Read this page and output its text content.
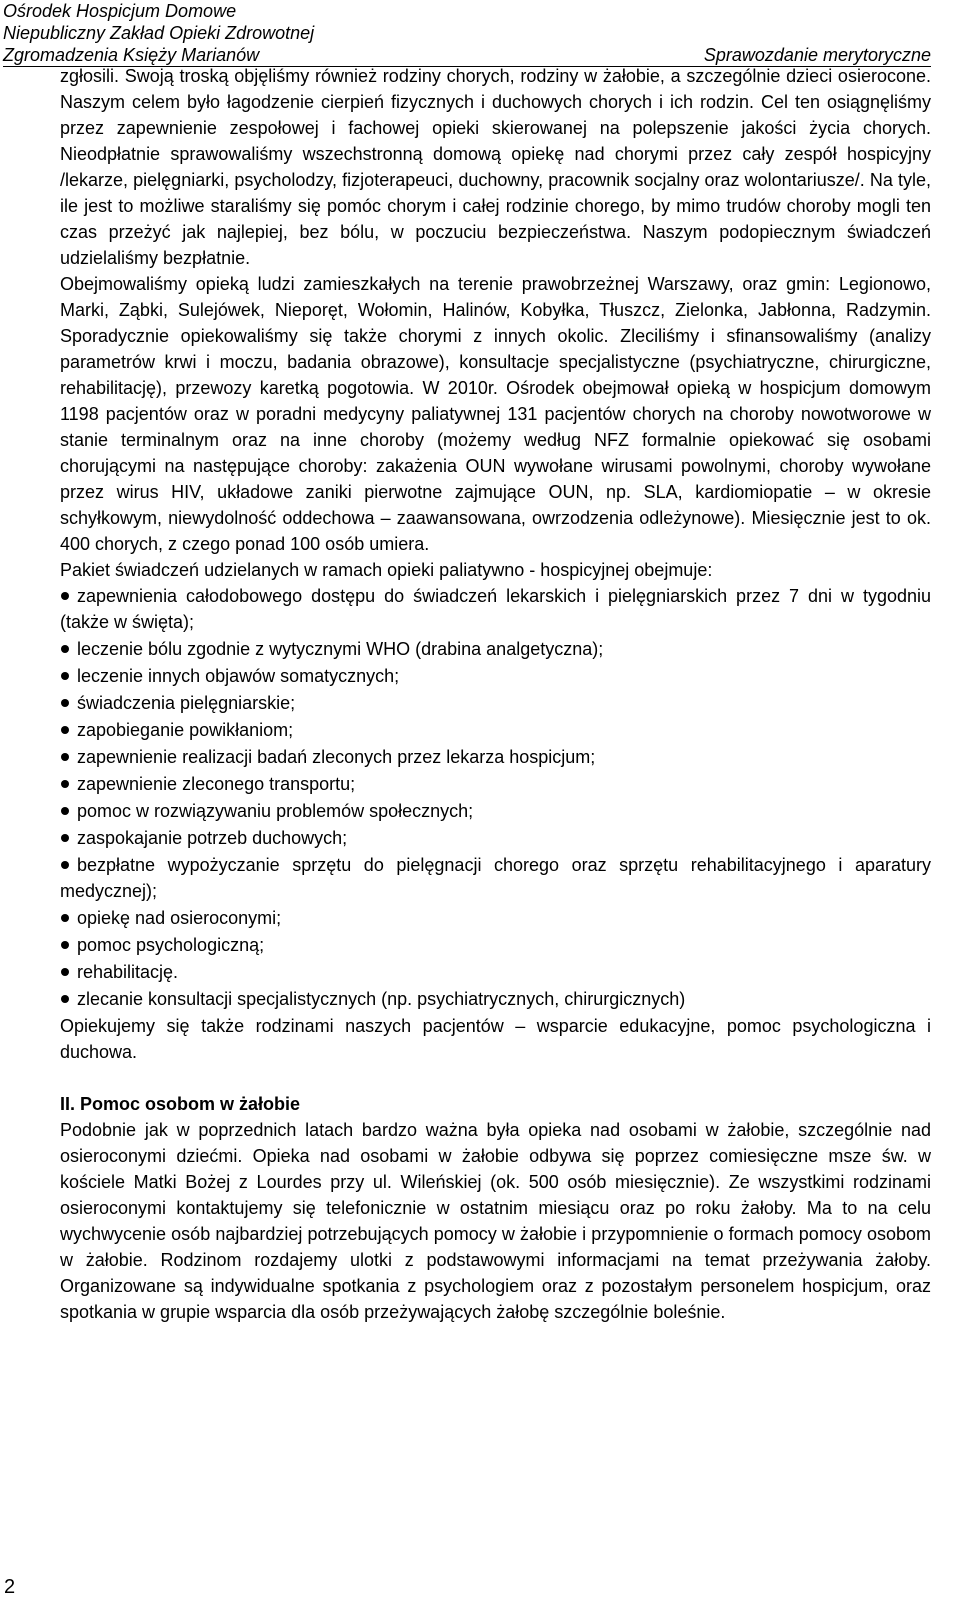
Ośrodek Hospicjum Domowe
Niepubliczny Zakład Opieki Zdrowotnej
Zgromadzenia Księży Marianów	Sprawozdanie merytoryczne

zgłosili. Swoją troską objęliśmy również rodziny chorych, rodziny w żałobie, a szczególnie dzieci osierocone. Naszym celem było łagodzenie cierpień fizycznych i duchowych chorych i ich rodzin. Cel ten osiągnęliśmy przez zapewnienie zespołowej i fachowej opieki skierowanej na polepszenie jakości życia chorych. Nieodpłatnie sprawowaliśmy wszechstronną domową opiekę nad chorymi przez cały zespół hospicyjny /lekarze, pielęgniarki, psycholodzy, fizjoterapeuci, duchowny, pracownik socjalny oraz wolontariusze/. Na tyle, ile jest to możliwe staraliśmy się pomóc chorym i całej rodzinie chorego, by mimo trudów choroby mogli ten czas przeżyć jak najlepiej, bez bólu, w poczuciu bezpieczeństwa. Naszym podopiecznym świadczeń udzielaliśmy bezpłatnie.

Obejmowaliśmy opieką ludzi zamieszkałych na terenie prawobrzeżnej Warszawy, oraz gmin: Legionowo, Marki, Ząbki, Sulejówek, Nieporęt, Wołomin, Halinów, Kobyłka, Tłuszcz, Zielonka, Jabłonna, Radzymin. Sporadycznie opiekowaliśmy się także chorymi z innych okolic. Zleciliśmy i sfinansowaliśmy (analizy parametrów krwi i moczu, badania obrazowe), konsultacje specjalistyczne (psychiatryczne, chirurgiczne, rehabilitację), przewozy karetką pogotowia. W 2010r. Ośrodek obejmował opieką w hospicjum domowym 1198 pacjentów oraz w poradni medycyny paliatywnej 131 pacjentów chorych na choroby nowotworowe w stanie terminalnym oraz na inne choroby (możemy według NFZ formalnie opiekować się osobami chorującymi na następujące choroby: zakażenia OUN wywołane wirusami powolnymi, choroby wywołane przez wirus HIV, układowe zaniki pierwotne zajmujące OUN, np. SLA, kardiomiopatie – w okresie schyłkowym, niewydolność oddechowa – zaawansowana, owrzodzenia odleżynowe). Miesięcznie jest to ok. 400 chorych, z czego ponad 100 osób umiera.

Pakiet świadczeń udzielanych w ramach opieki paliatywno - hospicyjnej obejmuje:

zapewnienia całodobowego dostępu do świadczeń lekarskich i pielęgniarskich przez 7 dni w tygodniu (także w święta);
leczenie bólu zgodnie z wytycznymi WHO (drabina analgetyczna);
leczenie innych objawów somatycznych;
świadczenia pielęgniarskie;
zapobieganie powikłaniom;
zapewnienie realizacji badań zleconych przez lekarza hospicjum;
zapewnienie zleconego transportu;
pomoc w rozwiązywaniu problemów społecznych;
zaspokajanie potrzeb duchowych;
bezpłatne wypożyczanie sprzętu do pielęgnacji chorego oraz sprzętu rehabilitacyjnego i aparatury medycznej);
opiekę nad osieroconymi;
pomoc psychologiczną;
rehabilitację.
zlecanie konsultacji specjalistycznych (np. psychiatrycznych, chirurgicznych)

Opiekujemy się także rodzinami naszych pacjentów – wsparcie edukacyjne, pomoc psychologiczna i duchowa.

II. Pomoc osobom w żałobie

Podobnie jak w poprzednich latach bardzo ważna była opieka nad osobami w żałobie, szczególnie nad osieroconymi dziećmi. Opieka nad osobami w żałobie odbywa się poprzez comiesięczne msze św. w kościele Matki Bożej z Lourdes przy ul. Wileńskiej (ok. 500 osób miesięcznie). Ze wszystkimi rodzinami osieroconymi kontaktujemy się telefonicznie w ostatnim miesiącu oraz po roku żałoby. Ma to na celu wychwycenie osób najbardziej potrzebujących pomocy w żałobie i przypomnienie o formach pomocy osobom w żałobie. Rodzinom rozdajemy ulotki z podstawowymi informacjami na temat przeżywania żałoby. Organizowane są indywidualne spotkania z psychologiem oraz z pozostałym personelem hospicjum, oraz spotkania w grupie wsparcia dla osób przeżywających żałobę szczególnie boleśnie.

2
